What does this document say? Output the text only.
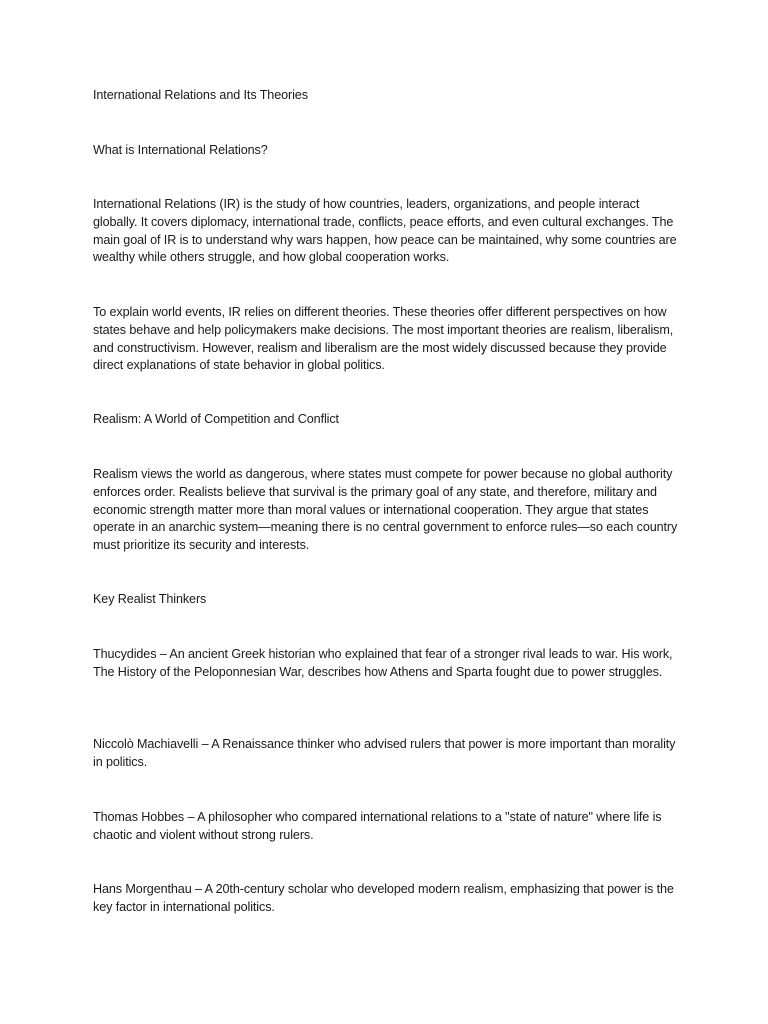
International Relations and Its Theories

What is International Relations?

International Relations (IR) is the study of how countries, leaders, organizations, and people interact globally. It covers diplomacy, international trade, conflicts, peace efforts, and even cultural exchanges. The main goal of IR is to understand why wars happen, how peace can be maintained, why some countries are wealthy while others struggle, and how global cooperation works.

To explain world events, IR relies on different theories. These theories offer different perspectives on how states behave and help policymakers make decisions. The most important theories are realism, liberalism, and constructivism. However, realism and liberalism are the most widely discussed because they provide direct explanations of state behavior in global politics.

Realism: A World of Competition and Conflict

Realism views the world as dangerous, where states must compete for power because no global authority enforces order. Realists believe that survival is the primary goal of any state, and therefore, military and economic strength matter more than moral values or international cooperation. They argue that states operate in an anarchic system—meaning there is no central government to enforce rules—so each country must prioritize its security and interests.

Key Realist Thinkers

Thucydides – An ancient Greek historian who explained that fear of a stronger rival leads to war. His work, The History of the Peloponnesian War, describes how Athens and Sparta fought due to power struggles.

Niccolò Machiavelli – A Renaissance thinker who advised rulers that power is more important than morality in politics.

Thomas Hobbes – A philosopher who compared international relations to a "state of nature" where life is chaotic and violent without strong rulers.

Hans Morgenthau – A 20th-century scholar who developed modern realism, emphasizing that power is the key factor in international politics.
